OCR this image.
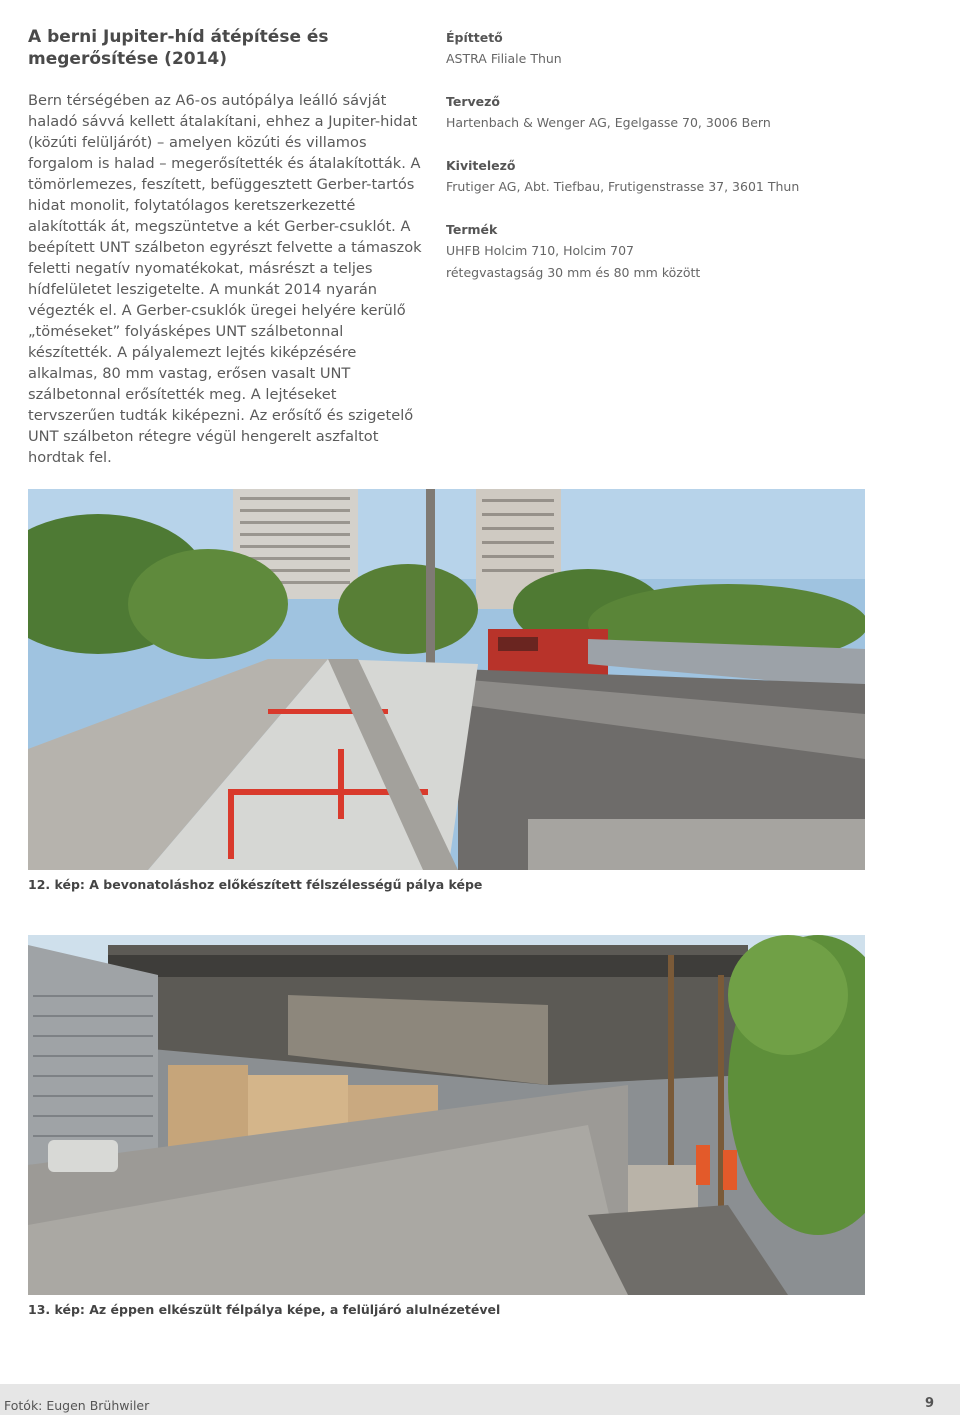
A berni Jupiter-híd átépítése és megerősítése (2014)

Bern térségében az A6-os autópálya leálló sávját haladó sávvá kellett átalakítani, ehhez a Jupiter-hidat (közúti felüljárót) – amelyen közúti és villamos forgalom is halad – megerősítették és átalakították. A tömörlemezes, feszített, befüggesztett Gerber-tartós hidat monolit, folytatólagos keretszerkezetté alakították át, megszüntetve a két Gerber-csuklót. A beépített UNT szálbeton egyrészt felvette a támaszok feletti negatív nyomatékokat, másrészt a teljes hídfelületet leszigetelte. A munkát 2014 nyarán végezték el. A Gerber-csuklók üregei helyére kerülő „töméseket” folyásképes UNT szálbetonnal készítették. A pályalemezt lejtés kiképzésére alkalmas, 80 mm vastag, erősen vasalt UNT szálbetonnal erősítették meg. A lejtéseket tervszerűen tudták kiképezni. Az erősítő és szigetelő UNT szálbeton rétegre végül hengerelt aszfaltot hordtak fel.

Építtető
ASTRA Filiale Thun
Tervező
Hartenbach & Wenger AG, Egelgasse 70, 3006 Bern
Kivitelező
Frutiger AG, Abt. Tiefbau, Frutigenstrasse 37, 3601 Thun
Termék
UHFB Holcim 710, Holcim 707
rétegvastagság 30 mm és 80 mm között
12. kép: A bevonatoláshoz előkészített félszélességű pálya képe
13. kép: Az éppen elkészült félpálya képe, a felüljáró alulnézetével
Fotók: Eugen Brühwiler	9
